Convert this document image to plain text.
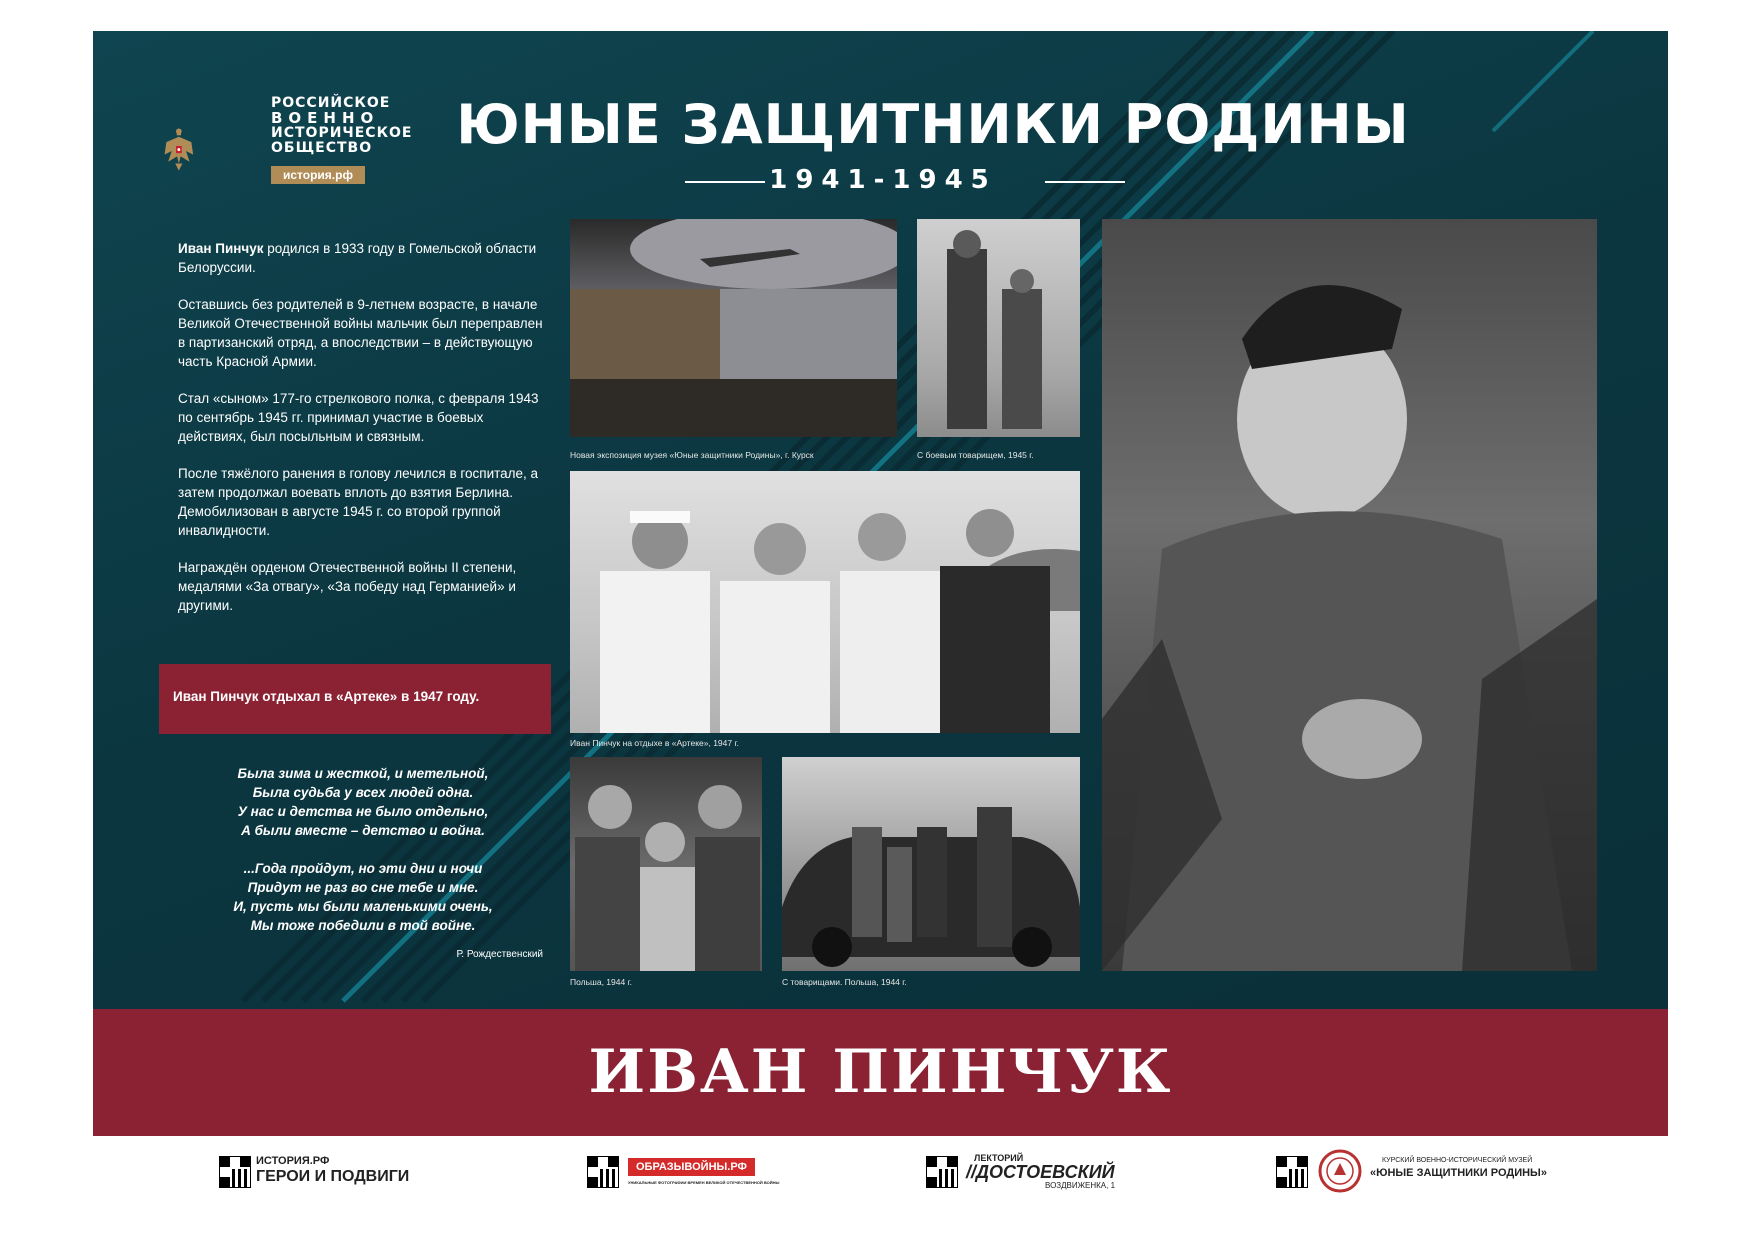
РОССИЙСКОЕ
ВОЕННО
ИСТОРИЧЕСКОЕ
ОБЩЕСТВО
история.рф
ЮНЫЕ ЗАЩИТНИКИ РОДИНЫ
1941-1945

Иван Пинчук родился в 1933 году в Гомельской области Белоруссии.

Оставшись без родителей в 9-летнем возрасте, в начале Великой Отечественной войны мальчик был переправлен в партизанский отряд, а впоследствии – в действующую часть Красной Армии.

Стал «сыном» 177-го стрелкового полка, с февраля 1943 по сентябрь 1945 гг. принимал участие в боевых действиях, был посыльным и связным.

После тяжёлого ранения в голову лечился в госпитале, а затем продолжал воевать вплоть до взятия Берлина. Демобилизован в августе 1945 г. со второй группой инвалидности.

Награждён орденом Отечественной войны II степени, медалями «За отвагу», «За победу над Германией» и другими.

Иван Пинчук отдыхал в «Артеке» в 1947 году.

Была зима и жесткой, и метельной,
Была судьба у всех людей одна.
У нас и детства не было отдельно,
А были вместе – детство и война.

...Года пройдут, но эти дни и ночи
Придут не раз во сне тебе и мне.
И, пусть мы были маленькими очень,
Мы тоже победили в той войне.

Р. Рождественский
Новая экспозиция музея «Юные защитники Родины», г. Курск	С боевым товарищем, 1945 г.
Иван Пинчук на отдыхе в «Артеке», 1947 г.
Польша, 1944 г.	С товарищами. Польша, 1944 г.
ИВАН ПИНЧУК
ИСТОРИЯ.РФ
ГЕРОИ И ПОДВИГИ
ОБРАЗЫВОЙНЫ.РФ
УНИКАЛЬНЫЕ ФОТОГРАФИИ ВРЕМЕН ВЕЛИКОЙ ОТЕЧЕСТВЕННОЙ ВОЙНЫ
ЛЕКТОРИЙ
//ДОСТОЕВСКИЙ
ВОЗДВИЖЕНКА, 1
КУРСКИЙ ВОЕННО-ИСТОРИЧЕСКИЙ МУЗЕЙ
«ЮНЫЕ ЗАЩИТНИКИ РОДИНЫ»
